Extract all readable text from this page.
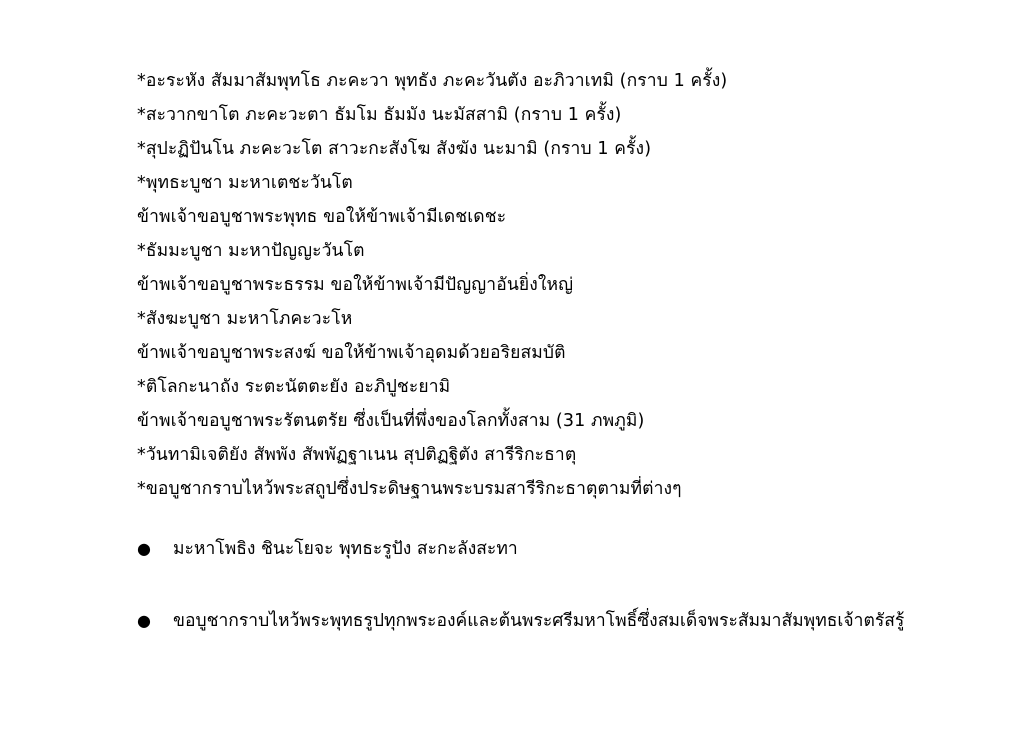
*อะระหัง สัมมาสัมพุทโธ ภะคะวา พุทธัง ภะคะวันตัง อะภิวาเทมิ (กราบ 1 ครั้ง)
*สะวากขาโต ภะคะวะตา ธัมโม ธัมมัง นะมัสสามิ (กราบ 1 ครั้ง)
*สุปะฏิปันโน ภะคะวะโต สาวะกะสังโฆ สังฆัง นะมามิ (กราบ 1 ครั้ง)
*พุทธะบูชา มะหาเตชะวันโต
ข้าพเจ้าขอบูชาพระพุทธ ขอให้ข้าพเจ้ามีเดชเดชะ
*ธัมมะบูชา มะหาปัญญะวันโต
ข้าพเจ้าขอบูชาพระธรรม ขอให้ข้าพเจ้ามีปัญญาอันยิ่งใหญ่
*สังฆะบูชา มะหาโภคะวะโห
ข้าพเจ้าขอบูชาพระสงฆ์ ขอให้ข้าพเจ้าอุดมด้วยอริยสมบัติ
*ติโลกะนาถัง ระตะนัตตะยัง อะภิปูชะยามิ
ข้าพเจ้าขอบูชาพระรัตนตรัย ซึ่งเป็นที่พึ่งของโลกทั้งสาม (31 ภพภูมิ)
*วันทามิเจติยัง สัพพัง สัพพัฏฐาเนน สุปติฏฐิตัง สารีริกะธาตุ
*ขอบูชากราบไหว้พระสถูปซึ่งประดิษฐานพระบรมสารีริกะธาตุตามที่ต่างๆ
●	มะหาโพธิง ชินะโยจะ พุทธะรูปัง สะกะลังสะทา
●	ขอบูชากราบไหว้พระพุทธรูปทุกพระองค์และต้นพระศรีมหาโพธิ์ซึ่งสมเด็จพระสัมมาสัมพุทธเจ้าตรัสรู้
